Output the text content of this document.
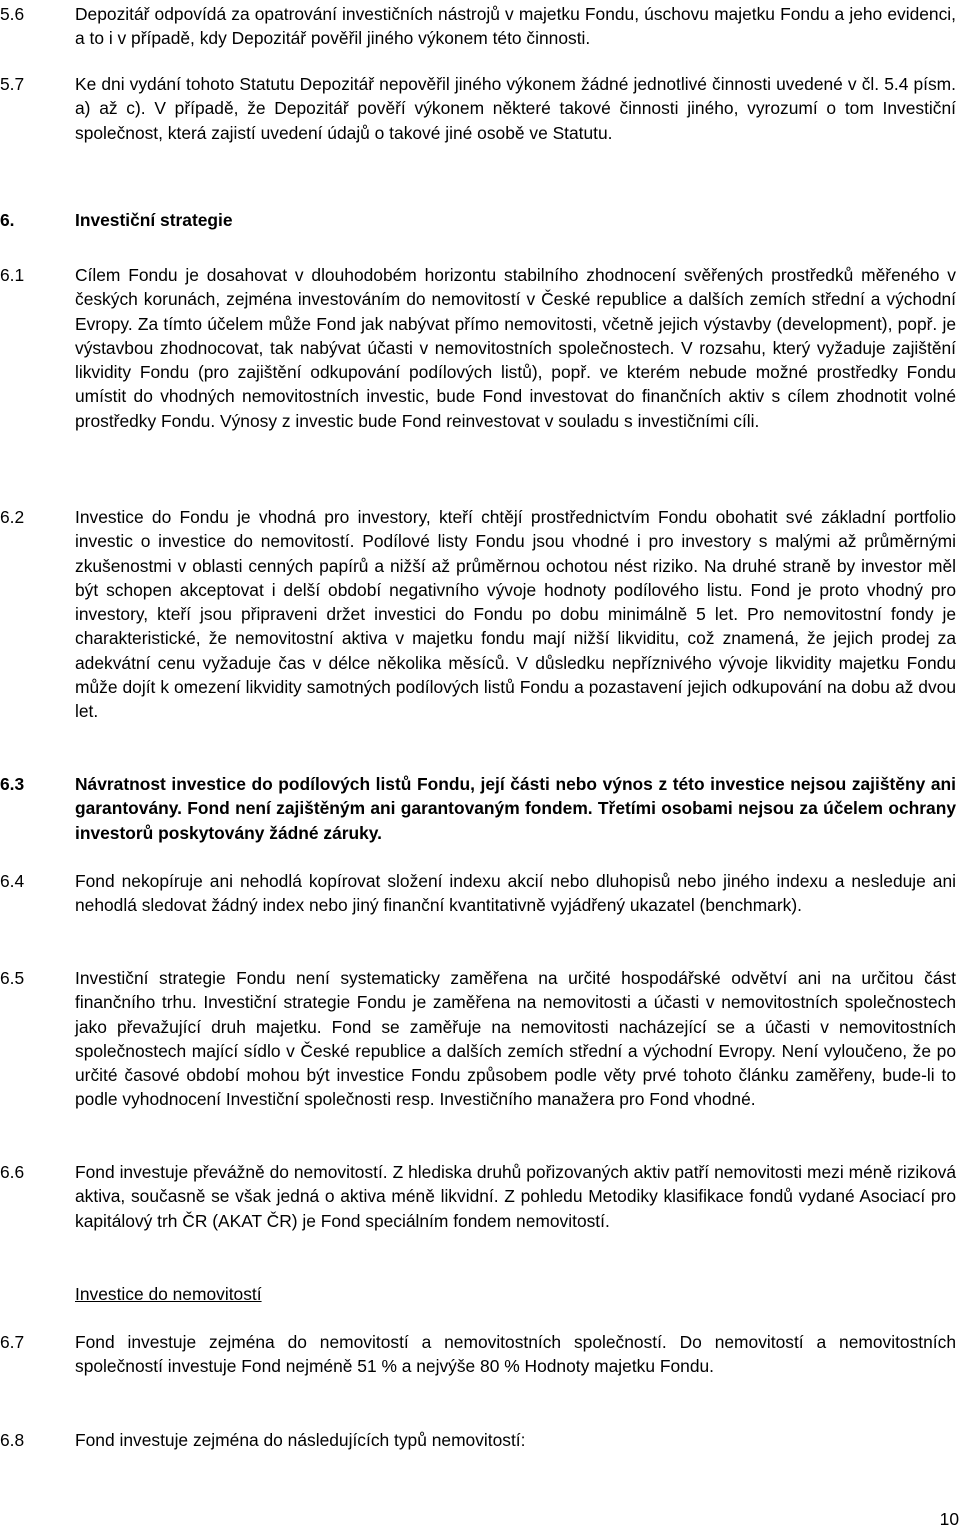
5.6	Depozitář odpovídá za opatrování investičních nástrojů v majetku Fondu, úschovu majetku Fondu a jeho evidenci, a to i v případě, kdy Depozitář pověřil jiného výkonem této činnosti.
5.7	Ke dni vydání tohoto Statutu Depozitář nepověřil jiného výkonem žádné jednotlivé činnosti uvedené v čl. 5.4 písm. a) až c). V případě, že Depozitář pověří výkonem některé takové činnosti jiného, vyrozumí o tom Investiční společnost, která zajistí uvedení údajů o takové jiné osobě ve Statutu.
6.	Investiční strategie
6.1	Cílem Fondu je dosahovat v dlouhodobém horizontu stabilního zhodnocení svěřených prostředků měřeného v českých korunách, zejména investováním do nemovitostí v České republice a dalších zemích střední a východní Evropy. Za tímto účelem může Fond jak nabývat přímo nemovitosti, včetně jejich výstavby (development), popř. je výstavbou zhodnocovat, tak nabývat účasti v nemovitostních společnostech. V rozsahu, který vyžaduje zajištění likvidity Fondu (pro zajištění odkupování podílových listů), popř. ve kterém nebude možné prostředky Fondu umístit do vhodných nemovitostních investic, bude Fond investovat do finančních aktiv s cílem zhodnotit volné prostředky Fondu. Výnosy z investic bude Fond reinvestovat v souladu s investičními cíli.
6.2	Investice do Fondu je vhodná pro investory, kteří chtějí prostřednictvím Fondu obohatit své základní portfolio investic o investice do nemovitostí. Podílové listy Fondu jsou vhodné i pro investory s malými až průměrnými zkušenostmi v oblasti cenných papírů a nižší až průměrnou ochotou nést riziko. Na druhé straně by investor měl být schopen akceptovat i delší období negativního vývoje hodnoty podílového listu. Fond je proto vhodný pro investory, kteří jsou připraveni držet investici do Fondu po dobu minimálně 5 let. Pro nemovitostní fondy je charakteristické, že nemovitostní aktiva v majetku fondu mají nižší likviditu, což znamená, že jejich prodej za adekvátní cenu vyžaduje čas v délce několika měsíců. V důsledku nepříznivého vývoje likvidity majetku Fondu může dojít k omezení likvidity samotných podílových listů Fondu a pozastavení jejich odkupování na dobu až dvou let.
6.3	Návratnost investice do podílových listů Fondu, její části nebo výnos z této investice nejsou zajištěny ani garantovány. Fond není zajištěným ani garantovaným fondem. Třetími osobami nejsou za účelem ochrany investorů poskytovány žádné záruky.
6.4	Fond nekopíruje ani nehodlá kopírovat složení indexu akcií nebo dluhopisů nebo jiného indexu a nesleduje ani nehodlá sledovat žádný index nebo jiný finanční kvantitativně vyjádřený ukazatel (benchmark).
6.5	Investiční strategie Fondu není systematicky zaměřena na určité hospodářské odvětví ani na určitou část finančního trhu. Investiční strategie Fondu je zaměřena na nemovitosti a účasti v nemovitostních společnostech jako převažující druh majetku. Fond se zaměřuje na nemovitosti nacházející se a účasti v nemovitostních společnostech mající sídlo v České republice a dalších zemích střední a východní Evropy. Není vyloučeno, že po určité časové období mohou být investice Fondu způsobem podle věty prvé tohoto článku zaměřeny, bude-li to podle vyhodnocení Investiční společnosti resp. Investičního manažera pro Fond vhodné.
6.6	Fond investuje převážně do nemovitostí. Z hlediska druhů pořizovaných aktiv patří nemovitosti mezi méně riziková aktiva, současně se však jedná o aktiva méně likvidní. Z pohledu Metodiky klasifikace fondů vydané Asociací pro kapitálový trh ČR (AKAT ČR) je Fond speciálním fondem nemovitostí.
Investice do nemovitostí
6.7	Fond investuje zejména do nemovitostí a nemovitostních společností. Do nemovitostí a nemovitostních společností investuje Fond nejméně 51 % a nejvýše 80 % Hodnoty majetku Fondu.
6.8	Fond investuje zejména do následujících typů nemovitostí:
10
